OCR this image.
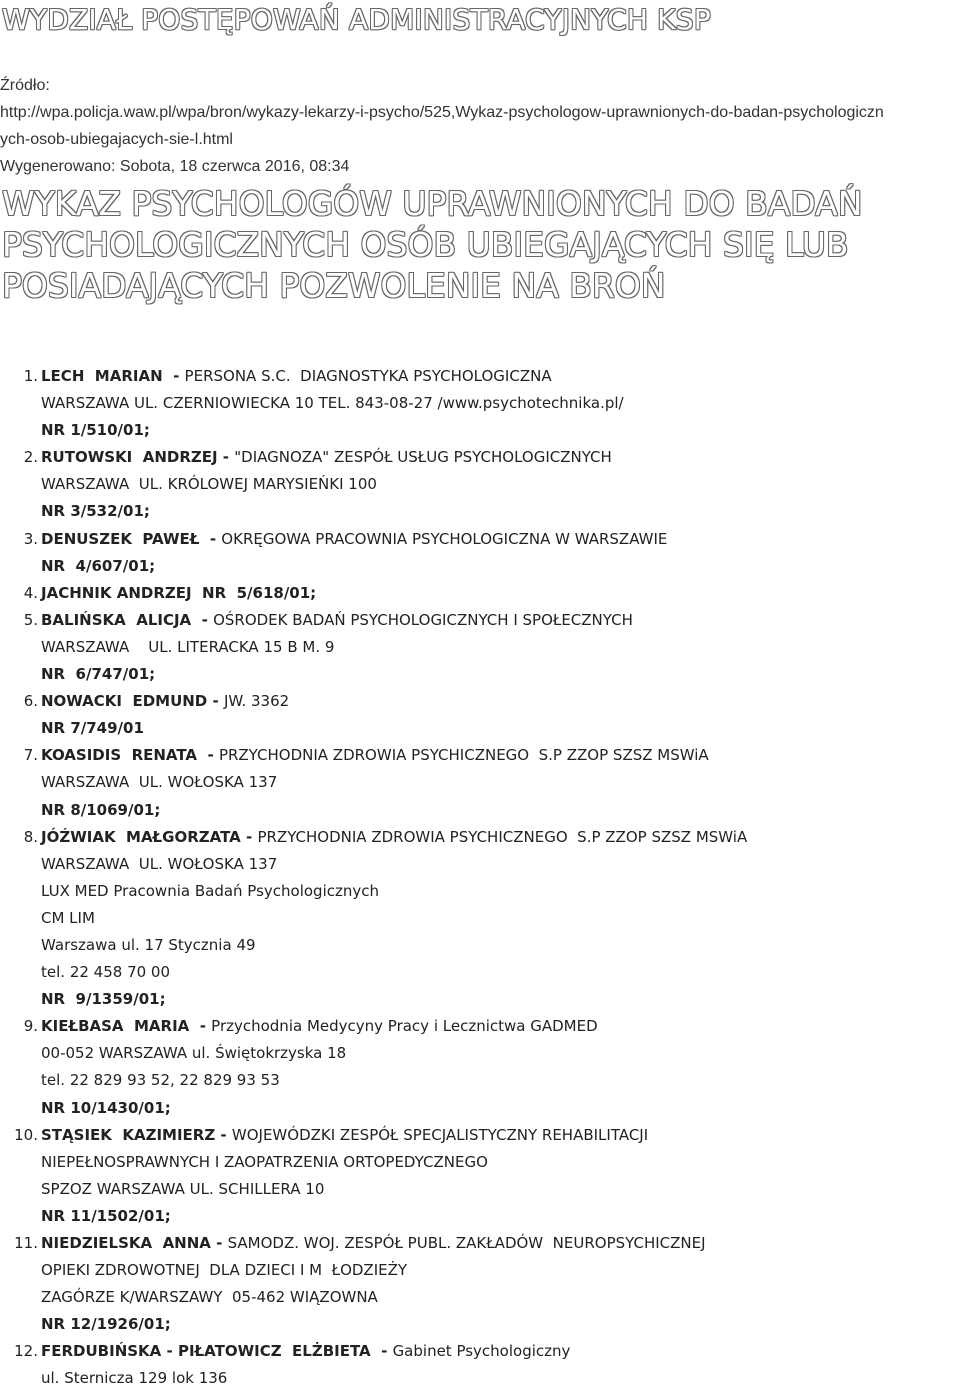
WYDZIAŁ POSTĘPOWAŃ ADMINISTRACYJNYCH KSP
Źródło:
http://wpa.policja.waw.pl/wpa/bron/wykazy-lekarzy-i-psycho/525,Wykaz-psychologow-uprawnionych-do-badan-psychologiczn
ych-osob-ubiegajacych-sie-l.html
Wygenerowano: Sobota, 18 czerwca 2016, 08:34
WYKAZ PSYCHOLOGÓW UPRAWNIONYCH DO BADAŃ
PSYCHOLOGICZNYCH OSÓB UBIEGAJĄCYCH SIĘ LUB
POSIADAJĄCYCH POZWOLENIE NA BROŃ
1. LECH  MARIAN  - PERSONA S.C.  DIAGNOSTYKA PSYCHOLOGICZNA
WARSZAWA UL. CZERNIOWIECKA 10 TEL. 843-08-27 /www.psychotechnika.pl/
NR 1/510/01;
2. RUTOWSKI  ANDRZEJ - "DIAGNOZA" ZESPÓŁ USŁUG PSYCHOLOGICZNYCH
WARSZAWA  UL. KRÓLOWEJ MARYSIEŃKI 100
NR 3/532/01;
3. DENUSZEK  PAWEŁ  - OKRĘGOWA PRACOWNIA PSYCHOLOGICZNA W WARSZAWIE
NR  4/607/01;
4. JACHNIK ANDRZEJ  NR  5/618/01;
5. BALIŃSKA  ALICJA  - OŚRODEK BADAŃ PSYCHOLOGICZNYCH I SPOŁECZNYCH
WARSZAWA    UL. LITERACKA 15 B M. 9
NR  6/747/01;
6. NOWACKI  EDMUND - JW. 3362
NR 7/749/01
7. KOASIDIS  RENATA  - PRZYCHODNIA ZDROWIA PSYCHICZNEGO  S.P ZZOP SZSZ MSWiA
WARSZAWA  UL. WOŁOSKA 137
NR 8/1069/01;
8. JÓŹWIAK  MAŁGORZATA - PRZYCHODNIA ZDROWIA PSYCHICZNEGO  S.P ZZOP SZSZ MSWiA
WARSZAWA  UL. WOŁOSKA 137
LUX MED Pracownia Badań Psychologicznych
CM LIM
Warszawa ul. 17 Stycznia 49
tel. 22 458 70 00
NR  9/1359/01;
9. KIEŁBASA  MARIA  - Przychodnia Medycyny Pracy i Lecznictwa GADMED
00-052 WARSZAWA ul. Świętokrzyska 18
tel. 22 829 93 52, 22 829 93 53
NR 10/1430/01;
10. STĄSIEK  KAZIMIERZ - WOJEWÓDZKI ZESPÓŁ SPECJALISTYCZNY REHABILITACJI
NIEPEŁNOSPRAWNYCH I ZAOPATRZENIA ORTOPEDYCZNEGO
SPZOZ WARSZAWA UL. SCHILLERA 10
NR 11/1502/01;
11. NIEDZIELSKA  ANNA - SAMODZ. WOJ. ZESPÓŁ PUBL. ZAKŁADÓW  NEUROPSYCHICZNEJ
OPIEKI ZDROWOTNEJ  DLA DZIECI I M  ŁODZIEŻY
ZAGÓRZE K/WARSZAWY  05-462 WIĄZOWNA
NR 12/1926/01;
12. FERDUBIŃSKA - PIŁATOWICZ  ELŻBIETA  - Gabinet Psychologiczny
ul. Sternicza 129 lok 136
